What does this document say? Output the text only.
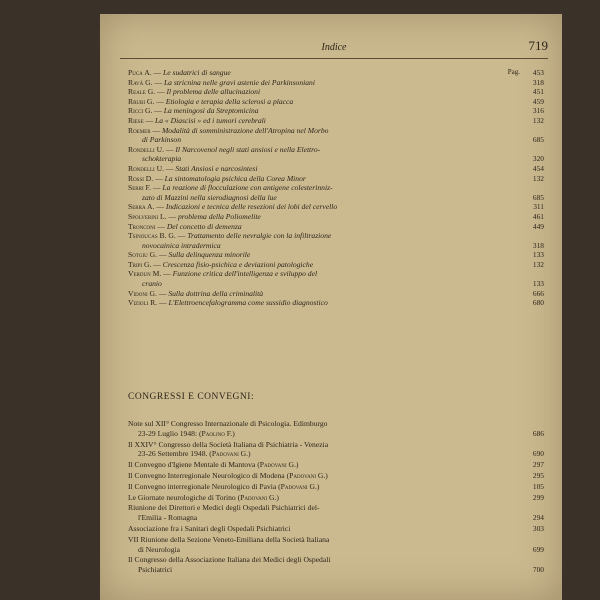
Indice	719
Puca A. — Le sudatrici di sangue	Pag.	453
Ravà G. — La stricnina nelle gravi astenie dei Parkinsoniani	318
Reale G. — Il problema delle allucinazioni	451
Rrubi G. — Etiologia e terapia della sclerosi a placca	459
Ricci G. — La meningosi da Streptomicina	316
Riese — La « Diascisi » ed i tumori cerebrali	132
Roemer — Modalità di somministrazione dell'Atropina nel Morbo
di Parkinson	685
Rondelli U. — Il Narcovenol negli stati ansiosi e nella Elettro-
schokterapia	320
Rondelli U. — Stati Ansiosi e narcosintesi	454
Rossi D. — La sintomatologia psichica della Corea Minor	132
Serri F. — La reazione di flocculazione con antigene colesterinniz-
zato di Mazzini nella sierodiagnosi della lue	685
Serra A. — Indicazioni e tecnica delle resezioni dei lobi del cervello	311
Spolverini L. — problema della Poliomelite	461
Tronconi — Del concetto di demenza	449
Tsinoucas B. G. — Trattamento delle nevralgie con la infiltrazione
novocainica intradermica	318
Sotgiu G. — Sulla delinquenza minorile	133
Tripi G. — Crescenza fisio-psichica e deviazioni patologiche	132
Verdun M. — Funzione critica dell'intelligenza e sviluppo del
cranio	133
Vidoni G. — Sulla dottrina della criminalità	666
Vizioli R. — L'Elettroencefalogramma come sussidio diagnostico	680
CONGRESSI E CONVEGNI:
Note sul XII° Congresso Internazionale di Psicologia. Edimburgo
23-29 Luglio 1948: (Paolino F.)	686
Il XXIV° Congresso della Società Italiana di Psichiatria - Venezia
23-26 Settembre 1948. (Padovani G.)	690
Il Convegno d'Igiene Mentale di Mantova (Padovani G.)	297
Il Convegno Interregionale Neurologico di Modena (Padovani G.)	295
Il Convegno interregionale Neurologico di Pavia (Padovani G.)	105
Le Giornate neurologiche di Torino (Padovani G.)	299
Riunione dei Direttori e Medici degli Ospedali Psichiatrici del-
l'Emilia - Romagna	294
Associazione fra i Sanitari degli Ospedali Psichiatrici	303
VII Riunione della Sezione Veneto-Emiliana della Società Italiana
di Neurologia	699
Il Congresso della Associazione Italiana dei Medici degli Ospedali
Psichiatrici	700
